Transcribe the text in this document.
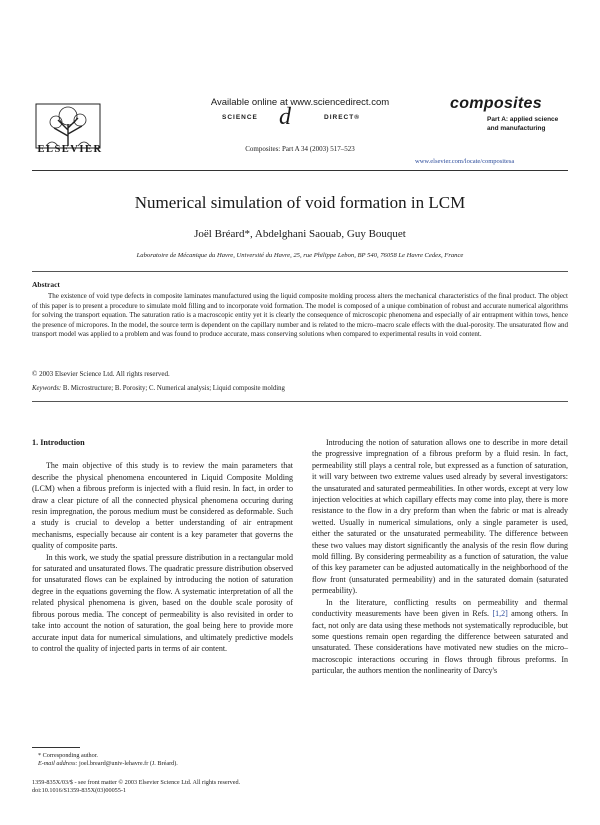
ELSEVIER
Available online at www.sciencedirect.com
SCIENCE d	DIRECT®
Composites: Part A 34 (2003) 517–523
composites
Part A: applied science
and manufacturing
www.elsevier.com/locate/compositesa
Numerical simulation of void formation in LCM
Joël Bréard*, Abdelghani Saouab, Guy Bouquet
Laboratoire de Mécanique du Havre, Université du Havre, 25, rue Philippe Lebon, BP 540, 76058 Le Havre Cedex, France
Abstract

The existence of void type defects in composite laminates manufactured using the liquid composite molding process alters the mechanical characteristics of the final product. The object of this paper is to present a procedure to simulate mold filling and to incorporate void formation. The model is composed of a unique combination of robust and accurate numerical algorithms for solving the transport equation. The saturation ratio is a macroscopic entity yet it is clearly the consequence of microscopic phenomena and especially of air entrapment within tows, hence the presence of micropores. In the model, the source term is dependent on the capillary number and is related to the micro–macro scale effects with the dual-porosity. The unsaturated flow and transport model was applied to a problem and was found to produce accurate, mass conserving solutions when compared to experimental results in void content.

© 2003 Elsevier Science Ltd. All rights reserved.
Keywords: B. Microstructure; B. Porosity; C. Numerical analysis; Liquid composite molding

1. Introduction

The main objective of this study is to review the main parameters that describe the physical phenomena encountered in Liquid Composite Molding (LCM) when a fibrous preform is injected with a fluid resin. In fact, in order to draw a clear picture of all the connected physical phenomena occuring during resin impregnation, the porous medium must be considered as deformable. Such a study is crucial to develop a better understanding of air entrapment mechanisms, especially because air content is a key parameter that governs the quality of composite parts.

In this work, we study the spatial pressure distribution in a rectangular mold for saturated and unsaturated flows. The quadratic pressure distribution observed for unsaturated flows can be explained by introducing the notion of saturation degree in the equations governing the flow. A systematic interpretation of all the related physical phenomena is given, based on the double scale porosity of fibrous porous media. The concept of permeability is also revisited in order to take into account the notion of saturation, the goal being here to provide more accurate input data for numerical simulations, and ultimately predictive models to control the quality of injected parts in terms of air content.

Introducing the notion of saturation allows one to describe in more detail the progressive impregnation of a fibrous preform by a fluid resin. In fact, permeability still plays a central role, but expressed as a function of saturation, it will vary between two extreme values used already by several investigators: the unsaturated and saturated permeabilities. In other words, except at very low injection velocities at which capillary effects may come into play, there is more resistance to the flow in a dry preform than when the fabric or mat is already wetted. Usually in numerical simulations, only a single parameter is used, either the saturated or the unsaturated permeability. The difference between these two values may distort significantly the analysis of the resin flow during mold filling. By considering permeability as a function of saturation, the value of this key parameter can be adjusted automatically in the neighborhood of the flow front (unsaturated permeability) and in the saturated domain (saturated permeability).

In the literature, conflicting results on permeability and thermal conductivity measurements have been given in Refs. [1,2] among others. In fact, not only are data using these methods not systematically reproducible, but some questions remain open regarding the difference between saturated and unsaturated. These considerations have motivated new studies on the micro–macroscopic interactions occuring in flows through fibrous preforms. In particular, the authors mention the nonlinearity of Darcy's

* Corresponding author.
E-mail address: joel.breard@univ-lehavre.fr (J. Bréard).
1359-835X/03/$ - see front matter © 2003 Elsevier Science Ltd. All rights reserved.
doi:10.1016/S1359-835X(03)00055-1
